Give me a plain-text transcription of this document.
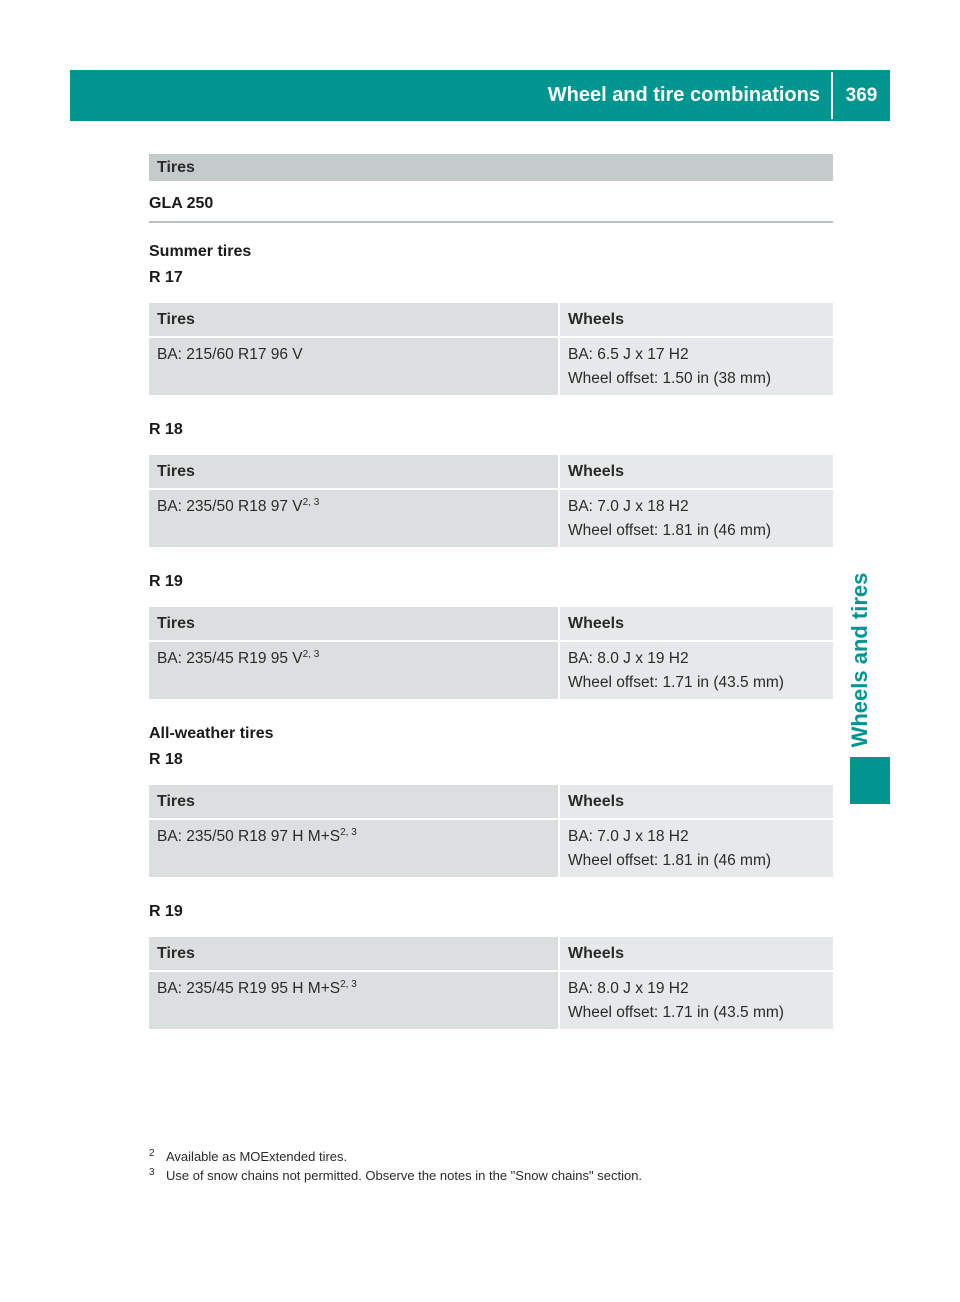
Wheel and tire combinations	369
Wheels and tires
Tires
GLA 250
Summer tires
R 17
Tires	Wheels
BA: 215/60 R17 96 V	BA: 6.5 J x 17 H2
Wheel offset: 1.50 in (38 mm)
R 18
Tires	Wheels
BA: 235/50 R18 97 V$^{2, 3}$	BA: 7.0 J x 18 H2
Wheel offset: 1.81 in (46 mm)
R 19
Tires	Wheels
BA: 235/45 R19 95 V$^{2, 3}$	BA: 8.0 J x 19 H2
Wheel offset: 1.71 in (43.5 mm)
All-weather tires
R 18
Tires	Wheels
BA: 235/50 R18 97 H $M+S^{2, 3}$	BA: 7.0 J x 18 H2
Wheel offset: 1.81 in (46 mm)
R 19
Tires	Wheels
BA: 235/45 R19 95 H $M+S^{2, 3}$	BA: 8.0 J x 19 H2
Wheel offset: 1.71 in (43.5 mm)
2 Available as MOExtended tires.
3 Use of snow chains not permitted. Observe the notes in the "Snow chains" section.
